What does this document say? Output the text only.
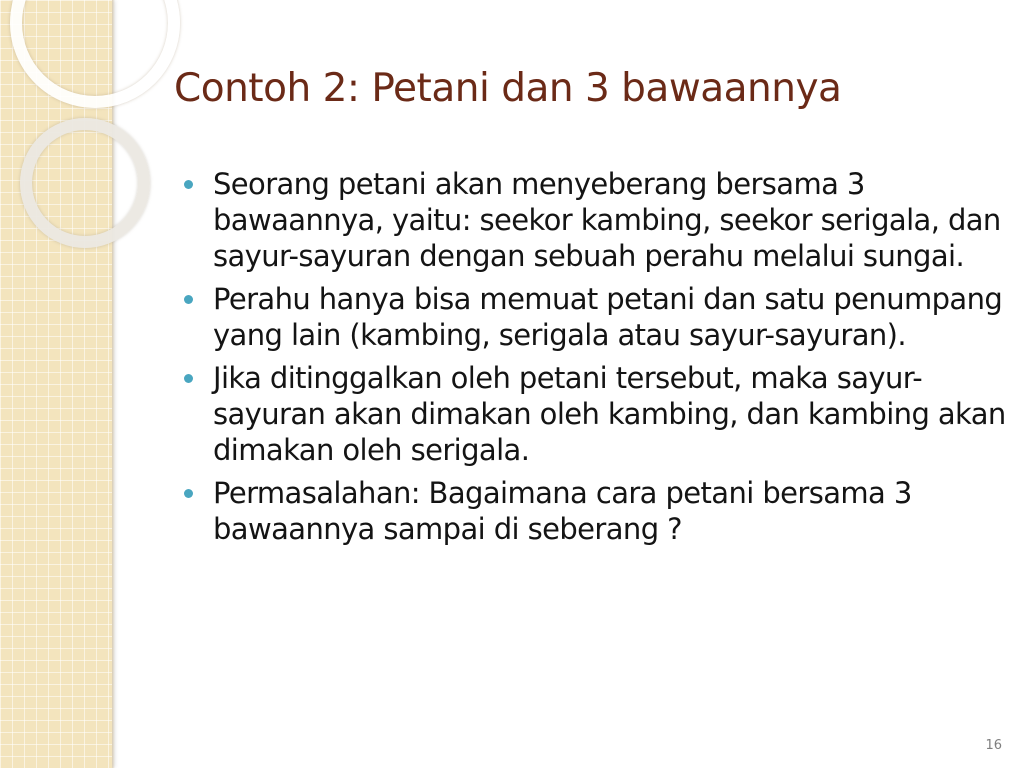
Contoh 2: Petani dan 3 bawaannya
Seorang petani akan menyeberang bersama 3 bawaannya, yaitu: seekor kambing, seekor serigala, dan sayur-sayuran dengan sebuah perahu melalui sungai.
Perahu hanya bisa memuat petani dan satu penumpang yang lain (kambing, serigala atau sayur-sayuran).
Jika ditinggalkan oleh petani tersebut, maka sayur-sayuran akan dimakan oleh kambing, dan kambing akan dimakan oleh serigala.
Permasalahan: Bagaimana cara petani bersama 3 bawaannya sampai di seberang ?
16
